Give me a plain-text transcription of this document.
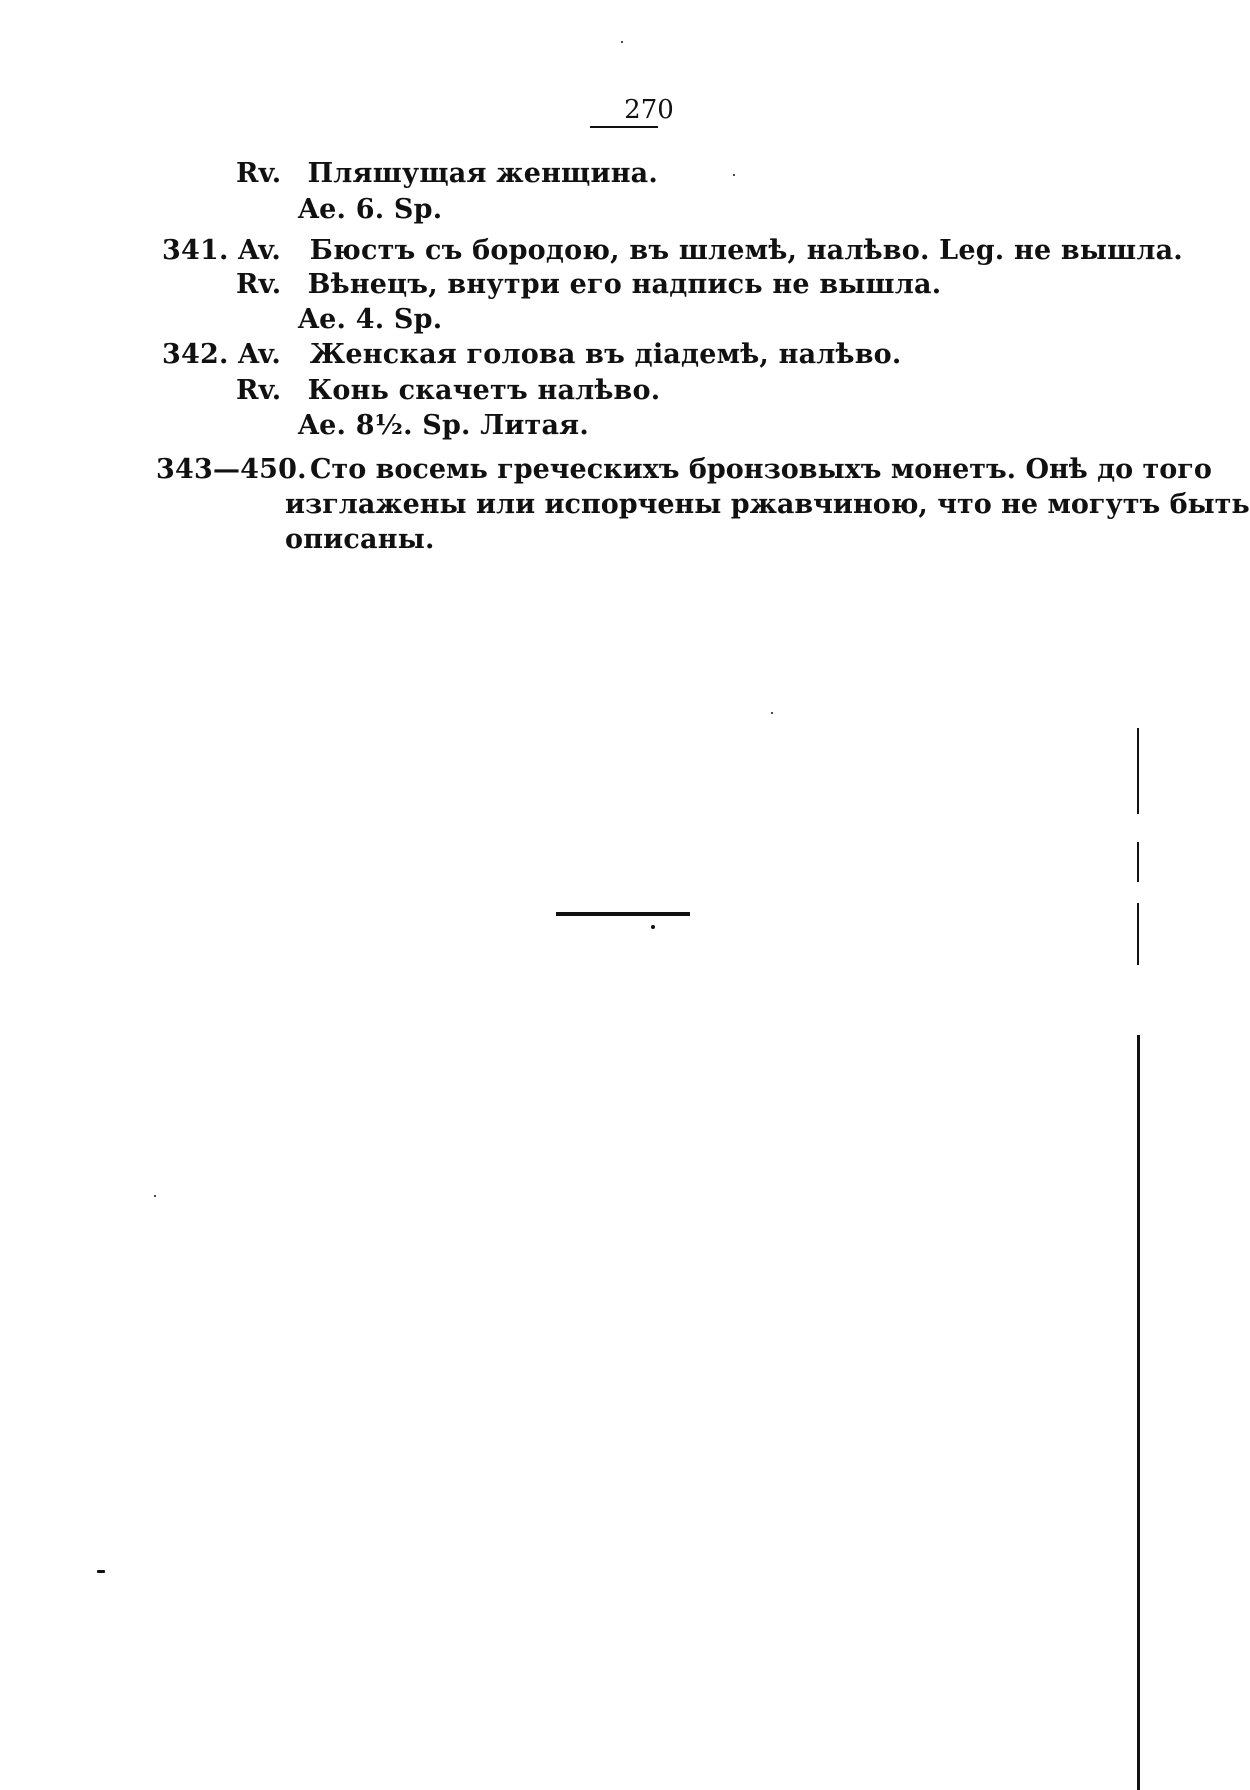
270
Rv. Пляшущая женщина.
Ae. 6. Sp.
341. Av. Бюстъ съ бородою, въ шлемѣ, налѣво. Leg. не вышла.
Rv. Вѣнецъ, внутри его надпись не вышла.
Ae. 4. Sp.
342. Av. Женская голова въ діадемѣ, налѣво.
Rv. Конь скачетъ налѣво.
Ae. 8½. Sp. Литая.
343—450. Сто восемь греческихъ бронзовыхъ монетъ. Онѣ до того
изглажены или испорчены ржавчиною, что не могутъ быть
описаны.
